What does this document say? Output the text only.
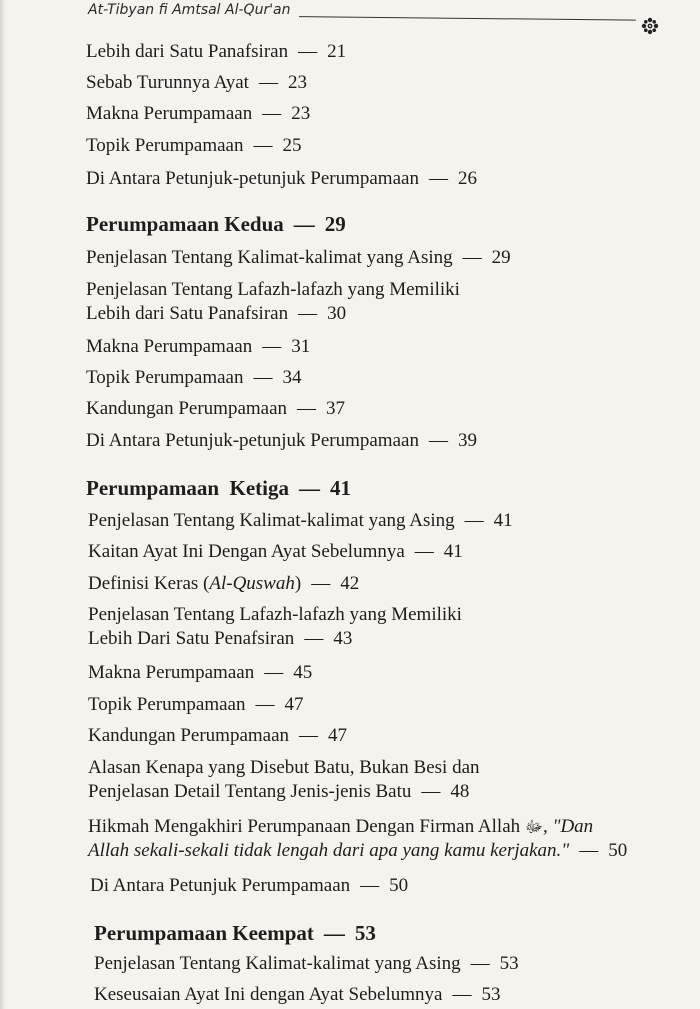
At-Tibyan fi Amtsal Al-Qur'an
Lebih dari Satu Panafsiran — 21
Sebab Turunnya Ayat — 23
Makna Perumpamaan — 23
Topik Perumpamaan — 25
Di Antara Petunjuk-petunjuk Perumpamaan — 26
Perumpamaan Kedua — 29
Penjelasan Tentang Kalimat-kalimat yang Asing — 29
Penjelasan Tentang Lafazh-lafazh yang Memiliki
Lebih dari Satu Panafsiran — 30
Makna Perumpamaan — 31
Topik Perumpamaan — 34
Kandungan Perumpamaan — 37
Di Antara Petunjuk-petunjuk Perumpamaan — 39
Perumpamaan  Ketiga — 41
Penjelasan Tentang Kalimat-kalimat yang Asing — 41
Kaitan Ayat Ini Dengan Ayat Sebelumnya — 41
Definisi Keras (Al-Quswah) — 42
Penjelasan Tentang Lafazh-lafazh yang Memiliki
Lebih Dari Satu Penafsiran — 43
Makna Perumpamaan — 45
Topik Perumpamaan — 47
Kandungan Perumpamaan — 47
Alasan Kenapa yang Disebut Batu, Bukan Besi dan
Penjelasan Detail Tentang Jenis-jenis Batu — 48
Hikmah Mengakhiri Perumpanaan Dengan Firman Allah ﷻ, "Dan
Allah sekali-sekali tidak lengah dari apa yang kamu kerjakan." — 50
Di Antara Petunjuk Perumpamaan — 50
Perumpamaan Keempat — 53
Penjelasan Tentang Kalimat-kalimat yang Asing — 53
Keseusaian Ayat Ini dengan Ayat Sebelumnya — 53
